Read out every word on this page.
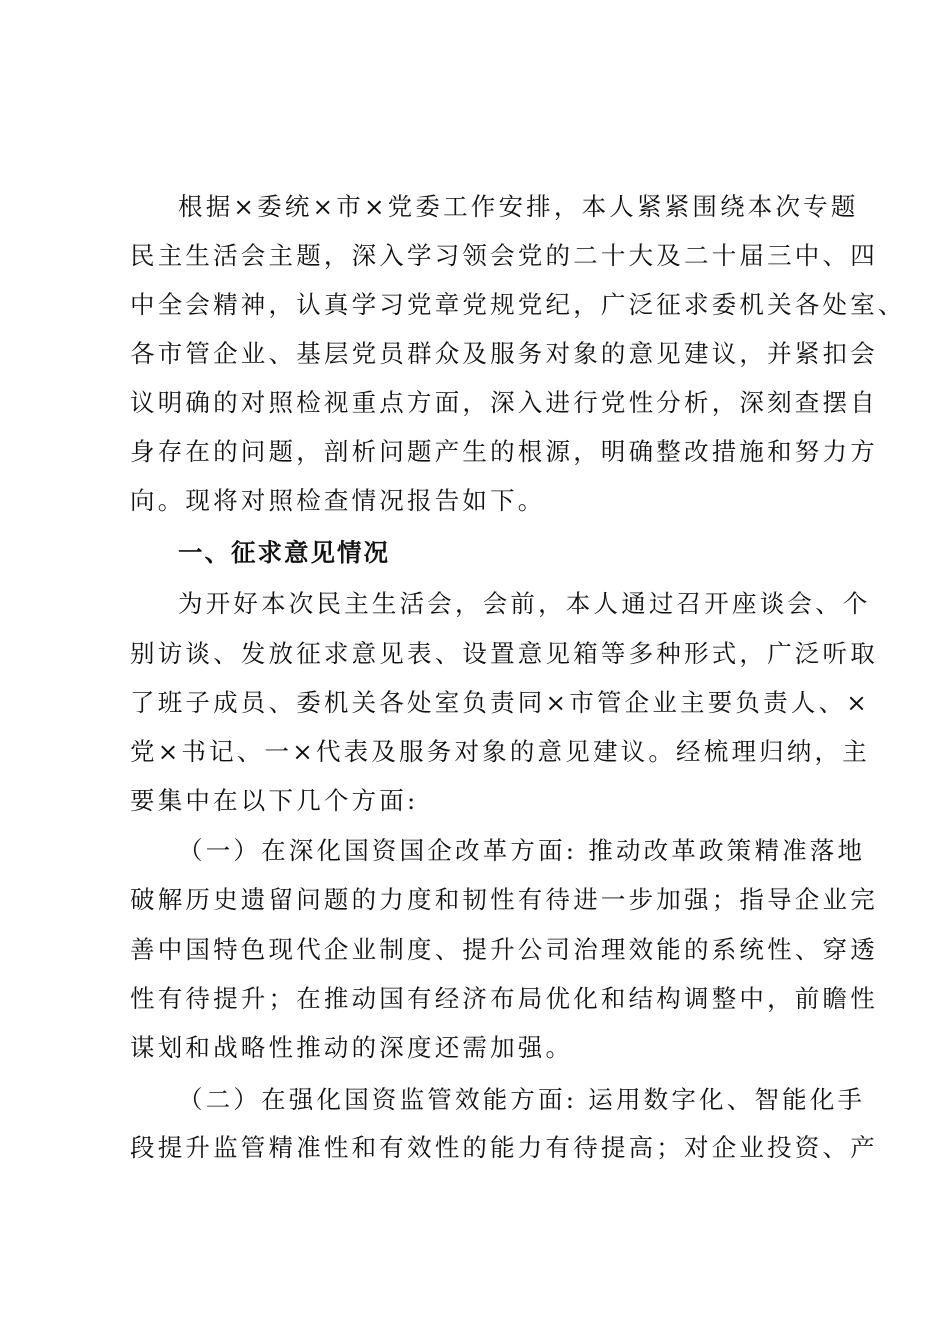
根据×委统×市×党委工作安排，本人紧紧围绕本次专题
民主生活会主题，深入学习领会党的二十大及二十届三中、四
中全会精神，认真学习党章党规党纪，广泛征求委机关各处室、
各市管企业、基层党员群众及服务对象的意见建议，并紧扣会
议明确的对照检视重点方面，深入进行党性分析，深刻查摆自
身存在的问题，剖析问题产生的根源，明确整改措施和努力方
向。现将对照检查情况报告如下。
一、征求意见情况
为开好本次民主生活会，会前，本人通过召开座谈会、个
别访谈、发放征求意见表、设置意见箱等多种形式，广泛听取
了班子成员、委机关各处室负责同×市管企业主要负责人、×
党×书记、一×代表及服务对象的意见建议。经梳理归纳，主
要集中在以下几个方面:
（一）在深化国资国企改革方面: 推动改革政策精准落地
破解历史遗留问题的力度和韧性有待进一步加强；指导企业完
善中国特色现代企业制度、提升公司治理效能的系统性、穿透
性有待提升；在推动国有经济布局优化和结构调整中，前瞻性
谋划和战略性推动的深度还需加强。
（二）在强化国资监管效能方面: 运用数字化、智能化手
段提升监管精准性和有效性的能力有待提高；对企业投资、产
